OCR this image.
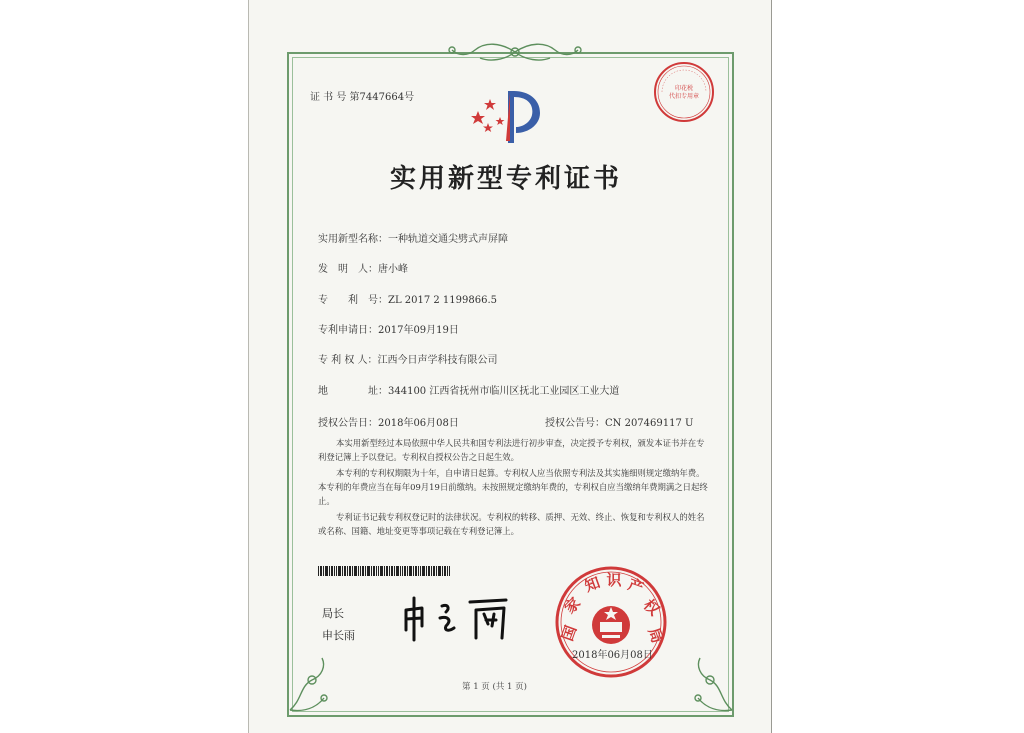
证 书 号 第7447664号
印花税
代扣专用章
实用新型专利证书
实用新型名称：一种轨道交通尖劈式声屏障
发　明　人：唐小峰
专　　利　号：ZL 2017 2 1199866.5
专利申请日：2017年09月19日
专 利 权 人：江西今日声学科技有限公司
地　　　　址：344100 江西省抚州市临川区抚北工业园区工业大道
授权公告日：2018年06月08日	授权公告号：CN 207469117 U
本实用新型经过本局依照中华人民共和国专利法进行初步审查，决定授予专利权，颁发本证书并在专利登记簿上予以登记。专利权自授权公告之日起生效。
本专利的专利权期限为十年，自申请日起算。专利权人应当依照专利法及其实施细则规定缴纳年费。本专利的年费应当在每年09月19日前缴纳。未按照规定缴纳年费的，专利权自应当缴纳年费期满之日起终止。
专利证书记载专利权登记时的法律状况。专利权的转移、质押、无效、终止、恢复和专利权人的姓名或名称、国籍、地址变更等事项记载在专利登记簿上。
局长
申长雨	国
家
知 识 产
权
局
2018年06月08日
第 1 页 (共 1 页)
